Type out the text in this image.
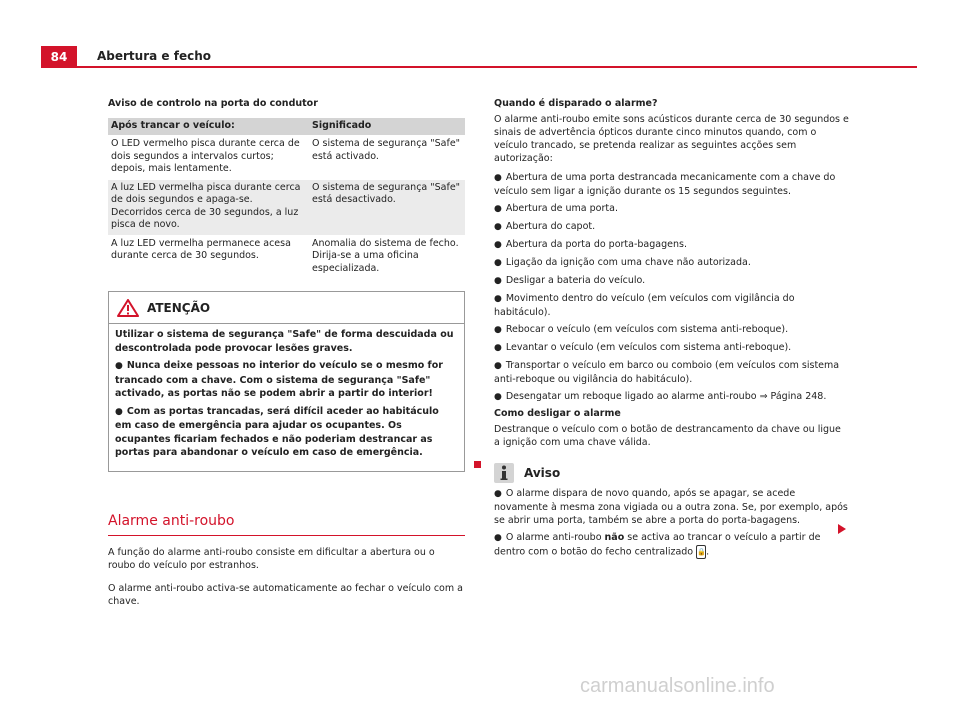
84	Abertura e fecho

Aviso de controlo na porta do condutor

Após trancar o veículo:	Significado
O LED vermelho pisca durante cerca de dois segundos a intervalos curtos; depois, mais lentamente.	O sistema de segurança "Safe" está activado.
A luz LED vermelha pisca durante cerca de dois segundos e apaga-se. Decorridos cerca de 30 segundos, a luz pisca de novo.	O sistema de segurança "Safe" está desactivado.
A luz LED vermelha permanece acesa durante cerca de 30 segundos.	Anomalia do sistema de fecho. Dirija-se a uma oficina especializada.
ATENÇÃO

Utilizar o sistema de segurança "Safe" de forma descuidada ou descontrolada pode provocar lesões graves.

● Nunca deixe pessoas no interior do veículo se o mesmo for trancado com a chave. Com o sistema de segurança "Safe" activado, as portas não se podem abrir a partir do interior!

● Com as portas trancadas, será difícil aceder ao habitáculo em caso de emergência para ajudar os ocupantes. Os ocupantes ficariam fechados e não poderiam destrancar as portas para abandonar o veículo em caso de emergência.

Alarme anti-roubo

A função do alarme anti-roubo consiste em dificultar a abertura ou o roubo do veículo por estranhos.

O alarme anti-roubo activa-se automaticamente ao fechar o veículo com a chave.

Quando é disparado o alarme?

O alarme anti-roubo emite sons acústicos durante cerca de 30 segundos e sinais de advertência ópticos durante cinco minutos quando, com o veículo trancado, se pretenda realizar as seguintes acções sem autorização:

● Abertura de uma porta destrancada mecanicamente com a chave do veículo sem ligar a ignição durante os 15 segundos seguintes.
● Abertura de uma porta.
● Abertura do capot.
● Abertura da porta do porta-bagagens.
● Ligação da ignição com uma chave não autorizada.
● Desligar a bateria do veículo.
● Movimento dentro do veículo (em veículos com vigilância do habitáculo).
● Rebocar o veículo (em veículos com sistema anti-reboque).
● Levantar o veículo (em veículos com sistema anti-reboque).
● Transportar o veículo em barco ou comboio (em veículos com sistema anti-reboque ou vigilância do habitáculo).
● Desengatar um reboque ligado ao alarme anti-roubo ⇒ Página 248.

Como desligar o alarme

Destranque o veículo com o botão de destrancamento da chave ou ligue a ignição com uma chave válida.

Aviso
● O alarme dispara de novo quando, após se apagar, se acede novamente à mesma zona vigiada ou a outra zona. Se, por exemplo, após se abrir uma porta, também se abre a porta do porta-bagagens.
● O alarme anti-roubo não se activa ao trancar o veículo a partir de dentro com o botão do fecho centralizado 🔒.
carmanualsonline.info
